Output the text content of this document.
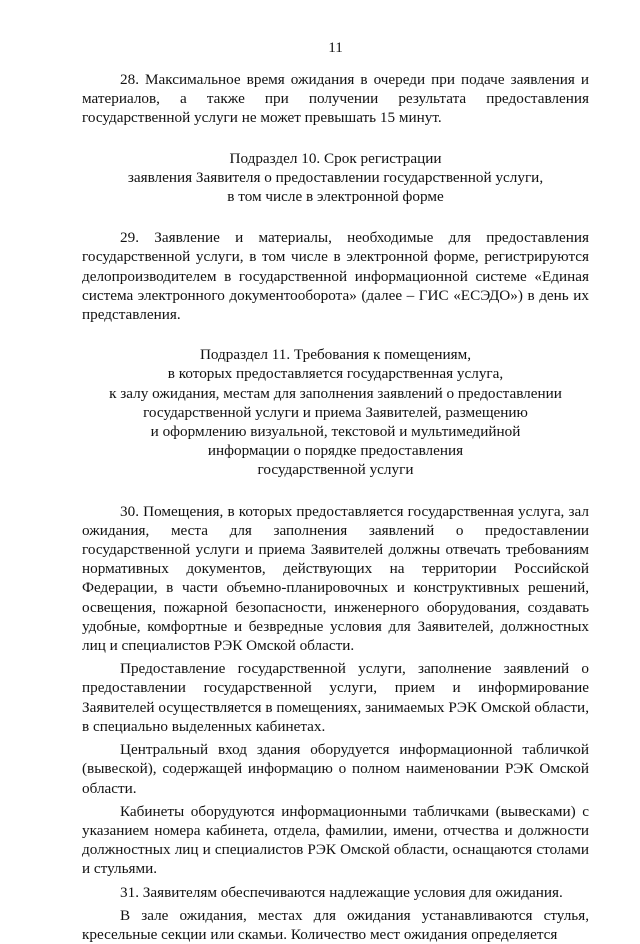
11

28. Максимальное время ожидания в очереди при подаче заявления и материалов, а также при получении результата предоставления государственной услуги не может превышать 15 минут.

Подраздел 10. Срок регистрации
заявления Заявителя о предоставлении государственной услуги,
в том числе в электронной форме

29. Заявление и материалы, необходимые для предоставления государственной услуги, в том числе в электронной форме, регистрируются делопроизводителем в государственной информационной системе «Единая система электронного документооборота» (далее – ГИС «ЕСЭДО») в день их представления.

Подраздел 11. Требования к помещениям,
в которых предоставляется государственная услуга,
к залу ожидания, местам для заполнения заявлений о предоставлении
государственной услуги и приема Заявителей, размещению
и оформлению визуальной, текстовой и мультимедийной
информации о порядке предоставления
государственной услуги

30. Помещения, в которых предоставляется государственная услуга, зал ожидания, места для заполнения заявлений о предоставлении государственной услуги и приема Заявителей должны отвечать требованиям нормативных документов, действующих на территории Российской Федерации, в части объемно-планировочных и конструктивных решений, освещения, пожарной безопасности, инженерного оборудования, создавать удобные, комфортные и безвредные условия для Заявителей, должностных лиц и специалистов РЭК Омской области.

Предоставление государственной услуги, заполнение заявлений о предоставлении государственной услуги, прием и информирование Заявителей осуществляется в помещениях, занимаемых РЭК Омской области, в специально выделенных кабинетах.

Центральный вход здания оборудуется информационной табличкой (вывеской), содержащей информацию о полном наименовании РЭК Омской области.

Кабинеты оборудуются информационными табличками (вывесками) с указанием номера кабинета, отдела, фамилии, имени, отчества и должности должностных лиц и специалистов РЭК Омской области, оснащаются столами и стульями.

31. Заявителям обеспечиваются надлежащие условия для ожидания.

В зале ожидания, местах для ожидания устанавливаются стулья, кресельные секции или скамьи. Количество мест ожидания определяется
